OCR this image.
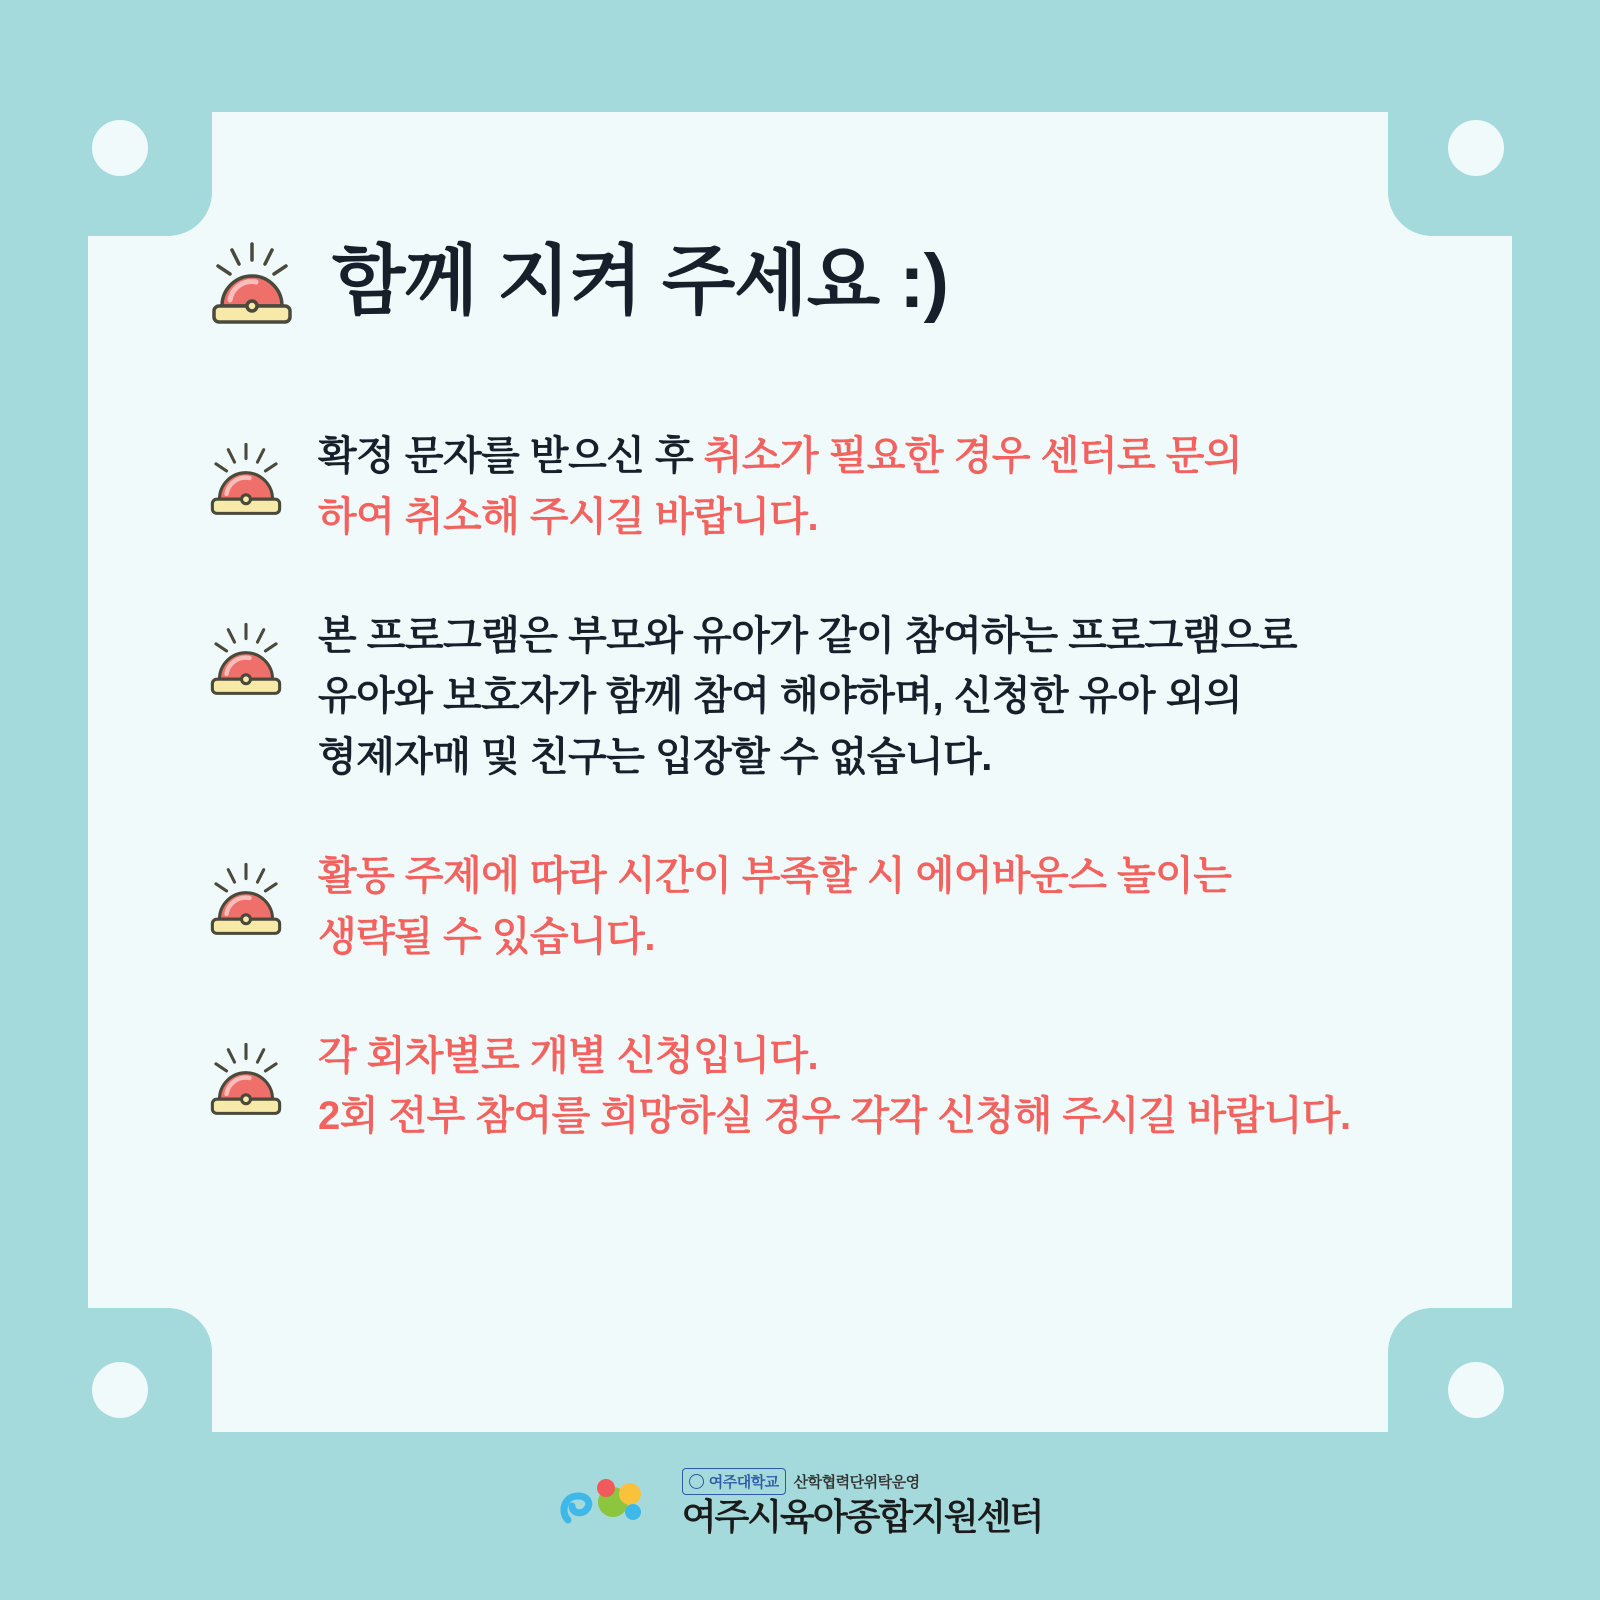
함께 지켜 주세요 :)
확정 문자를 받으신 후 취소가 필요한 경우 센터로 문의
하여 취소해 주시길 바랍니다.
본 프로그램은 부모와 유아가 같이 참여하는 프로그램으로
유아와 보호자가 함께 참여 해야하며, 신청한 유아 외의
형제자매 및 친구는 입장할 수 없습니다.
활동 주제에 따라 시간이 부족할 시 에어바운스 놀이는
생략될 수 있습니다.
각 회차별로 개별 신청입니다.
2회 전부 참여를 희망하실 경우 각각 신청해 주시길 바랍니다.
여주대학교 산학협력단위탁운영
여주시육아종합지원센터
